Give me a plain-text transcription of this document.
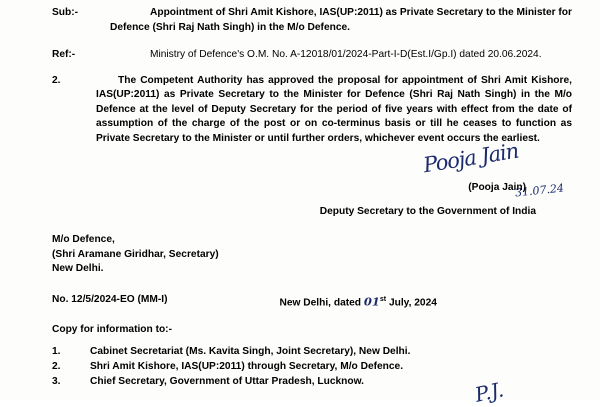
Sub:-	Appointment of Shri Amit Kishore, IAS(UP:2011) as Private Secretary to the Minister for Defence (Shri Raj Nath Singh) in the M/o Defence.
Ref:-	Ministry of Defence's O.M. No. A-12018/01/2024-Part-I-D(Est.I/Gp.I) dated 20.06.2024.
2.	The Competent Authority has approved the proposal for appointment of Shri Amit Kishore, IAS(UP:2011) as Private Secretary to the Minister for Defence (Shri Raj Nath Singh) in the M/o Defence at the level of Deputy Secretary for the period of five years with effect from the date of assumption of the charge of the post or on co-terminus basis or till he ceases to function as Private Secretary to the Minister or until further orders, whichever event occurs the earliest.
Pooja Jain
31.07.24
(Pooja Jain)
Deputy Secretary to the Government of India
M/o Defence,
(Shri Aramane Giridhar, Secretary)
New Delhi.
No. 12/5/2024-EO (MM-I)	New Delhi, dated 01st July, 2024
Copy for information to:-
1.	Cabinet Secretariat (Ms. Kavita Singh, Joint Secretary), New Delhi.
2.	Shri Amit Kishore, IAS(UP:2011) through Secretary, M/o Defence.
3.	Chief Secretary, Government of Uttar Pradesh, Lucknow.	P.J.
